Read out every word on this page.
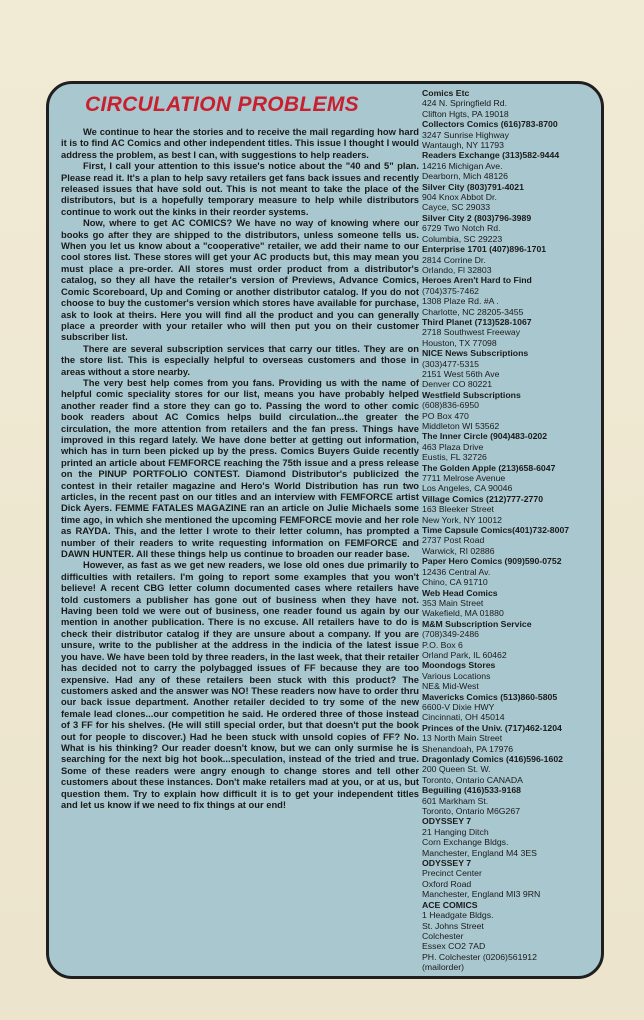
CIRCULATION PROBLEMS

We continue to hear the stories and to receive the mail regarding how hard it is to find AC Comics and other independent titles. This issue I thought I would address the problem, as best I can, with suggestions to help readers.

First, I call your attention to this issue's notice about the "40 and 5" plan. Please read it. It's a plan to help savy retailers get fans back issues and recently released issues that have sold out. This is not meant to take the place of the distributors, but is a hopefully temporary measure to help while distributors continue to work out the kinks in their reorder systems.

Now, where to get AC COMICS? We have no way of knowing where our books go after they are shipped to the distributors, unless someone tells us. When you let us know about a "cooperative" retailer, we add their name to our cool stores list. These stores will get your AC products but, this may mean you must place a pre-order. All stores must order product from a distributor's catalog, so they all have the retailer's version of Previews, Advance Comics, Comic Scoreboard, Up and Coming or another distributor catalog. If you do not choose to buy the customer's version which stores have available for purchase, ask to look at theirs. Here you will find all the product and you can generally place a preorder with your retailer who will then put you on their customer subscriber list.

There are several subscription services that carry our titles. They are on the store list. This is especially helpful to overseas customers and those in areas without a store nearby.

The very best help comes from you fans. Providing us with the name of helpful comic speciality stores for our list, means you have probably helped another reader find a store they can go to. Passing the word to other comic book readers about AC Comics helps build circulation...the greater the circulation, the more attention from retailers and the fan press. Things have improved in this regard lately. We have done better at getting out information, which has in turn been picked up by the press. Comics Buyers Guide recently printed an article about FEMFORCE reaching the 75th issue and a press release on the PINUP PORTFOLIO CONTEST. Diamond Distributor's publicized the contest in their retailer magazine and Hero's World Distribution has run two articles, in the recent past on our titles and an interview with FEMFORCE artist Dick Ayers. FEMME FATALES MAGAZINE ran an article on Julie Michaels some time ago, in which she mentioned the upcoming FEMFORCE movie and her role as RAYDA. This, and the letter I wrote to their letter column, has prompted a number of their readers to write requesting information on FEMFORCE and DAWN HUNTER. All these things help us continue to broaden our reader base.

However, as fast as we get new readers, we lose old ones due primarily to difficulties with retailers. I'm going to report some examples that you won't believe! A recent CBG letter column documented cases where retailers have told customers a publisher has gone out of business when they have not. Having been told we were out of business, one reader found us again by our mention in another publication. There is no excuse. All retailers have to do is check their distributor catalog if they are unsure about a company. If you are unsure, write to the publisher at the address in the indicia of the latest issue you have. We have been told by three readers, in the last week, that their retailer has decided not to carry the polybagged issues of FF because they are too expensive. Had any of these retailers been stuck with this product? The customers asked and the answer was NO! These readers now have to order thru our back issue department. Another retailer decided to try some of the new female lead clones...our competition he said. He ordered three of those instead of 3 FF for his shelves. (He will still special order, but that doesn't put the book out for people to discover.) Had he been stuck with unsold copies of FF? No. What is his thinking? Our reader doesn't know, but we can only surmise he is searching for the next big hot book...speculation, instead of the tried and true. Some of these readers were angry enough to change stores and tell other customers about these instances. Don't make retailers mad at you, or at us, but question them. Try to explain how difficult it is to get your independent titles and let us know if we need to fix things at our end!

Comics Etc
424 N. Springfield Rd.
Clifton Hgts, PA 19018
Collectors Comics (616)783-8700
3247 Sunrise Highway
Wantaugh, NY 11793
Readers Exchange (313)582-9444
14216 Michigan Ave.
Dearborn, Mich 48126
Silver City (803)791-4021
904 Knox Abbot Dr.
Cayce, SC 29033
Silver City 2 (803)796-3989
6729 Two Notch Rd.
Columbia, SC 29223
Enterprise 1701 (407)896-1701
2814 Corrine Dr.
Orlando, Fl 32803
Heroes Aren't Hard to Find
(704)375-7462
1308 Plaze Rd. #A .
Charlotte, NC 28205-3455
Third Planet (713)528-1067
2718 Southwest Freeway
Houston, TX 77098
NICE News Subscriptions
(303)477-5315
2151 West 56th Ave
Denver CO 80221
Westfield Subscriptions
(608)836-6950
PO Box 470
Middleton WI 53562
The Inner Circle (904)483-0202
463 Plaza Drive
Eustis, FL 32726
The Golden Apple (213)658-6047
7711 Melrose Avenue
Los Angeles, CA 90046
Village Comics (212)777-2770
163 Bleeker Street
New York, NY 10012
Time Capsule Comics(401)732-8007
2737 Post Road
Warwick, RI 02886
Paper Hero Comics (909)590-0752
12436 Central Av.
Chino, CA 91710
Web Head Comics
353 Main Street
Wakefield, MA 01880
M&M Subscription Service
(708)349-2486
P.O. Box 6
Orland Park, IL 60462
Moondogs Stores
Various Locations
NE& Mid-West
Mavericks Comics (513)860-5805
6600-V Dixie HWY
Cincinnati, OH 45014
Princes of the Univ. (717)462-1204
13 North Main Street
Shenandoah, PA 17976
Dragonlady Comics (416)596-1602
200 Queen St. W.
Toronto, Ontario CANADA
Beguiling (416)533-9168
601 Markham St.
Toronto, Ontario M6G267
ODYSSEY 7
21 Hanging Ditch
Corn Exchange Bldgs.
Manchester, England M4 3ES
ODYSSEY 7
Precinct Center
Oxford Road
Manchester, England MI3 9RN
ACE COMICS
1 Headgate Bldgs.
St. Johns Street
Colchester
Essex CO2 7AD
PH. Colchester (0206)561912
(mailorder)
